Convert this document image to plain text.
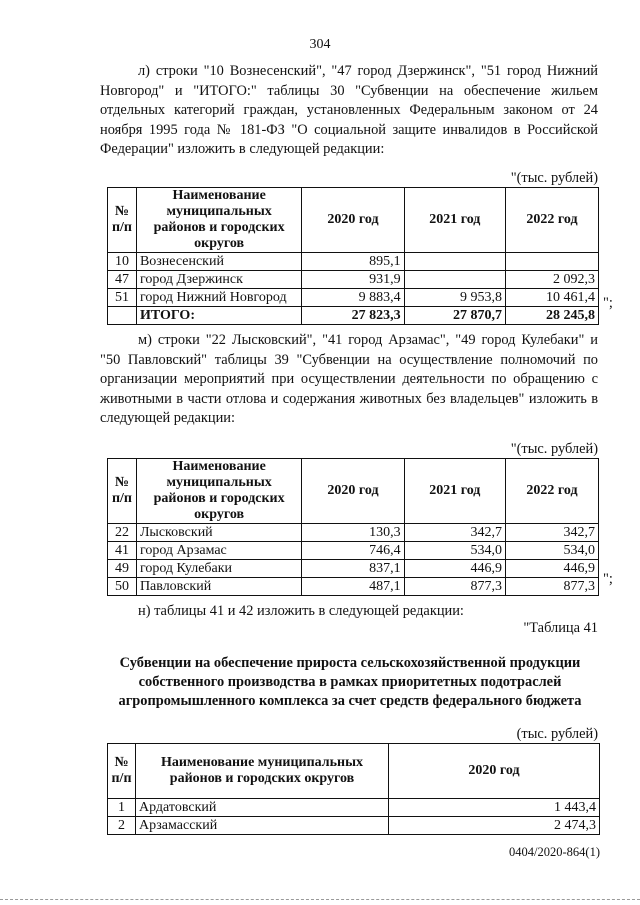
304

л) строки "10 Вознесенский", "47 город Дзержинск", "51 город Нижний Новгород" и "ИТОГО:" таблицы 30 "Субвенции на обеспечение жильем отдельных категорий граждан, установленных Федеральным законом от 24 ноября 1995 года № 181-ФЗ "О социальной защите инвалидов в Российской Федерации" изложить в следующей редакции:

"(тыс. рублей)
№ п/п	Наименование муниципальных районов и городских округов	2020 год	2021 год	2022 год
10	Вознесенский	895,1		
47	город Дзержинск	931,9		2 092,3
51	город Нижний Новгород	9 883,4	9 953,8	10 461,4
	ИТОГО:	27 823,3	27 870,7	28 245,8
";

м) строки "22 Лысковский", "41 город Арзамас", "49 город Кулебаки" и "50 Павловский" таблицы 39 "Субвенции на осуществление полномочий по организации мероприятий при осуществлении деятельности по обращению с животными в части отлова и содержания животных без владельцев" изложить в следующей редакции:

"(тыс. рублей)
№ п/п	Наименование муниципальных районов и городских округов	2020 год	2021 год	2022 год
22	Лысковский	130,3	342,7	342,7
41	город Арзамас	746,4	534,0	534,0
49	город Кулебаки	837,1	446,9	446,9
50	Павловский	487,1	877,3	877,3 ";

н) таблицы 41 и 42 изложить в следующей редакции:

"Таблица 41
Субвенции на обеспечение прироста сельскохозяйственной продукции собственного производства в рамках приоритетных подотраслей агропромышленного комплекса за счет средств федерального бюджета
(тыс. рублей)
№ п/п	Наименование муниципальных районов и городских округов	2020 год
1	Ардатовский	1 443,4
2	Арзамасский	2 474,3
0404/2020-864(1)
